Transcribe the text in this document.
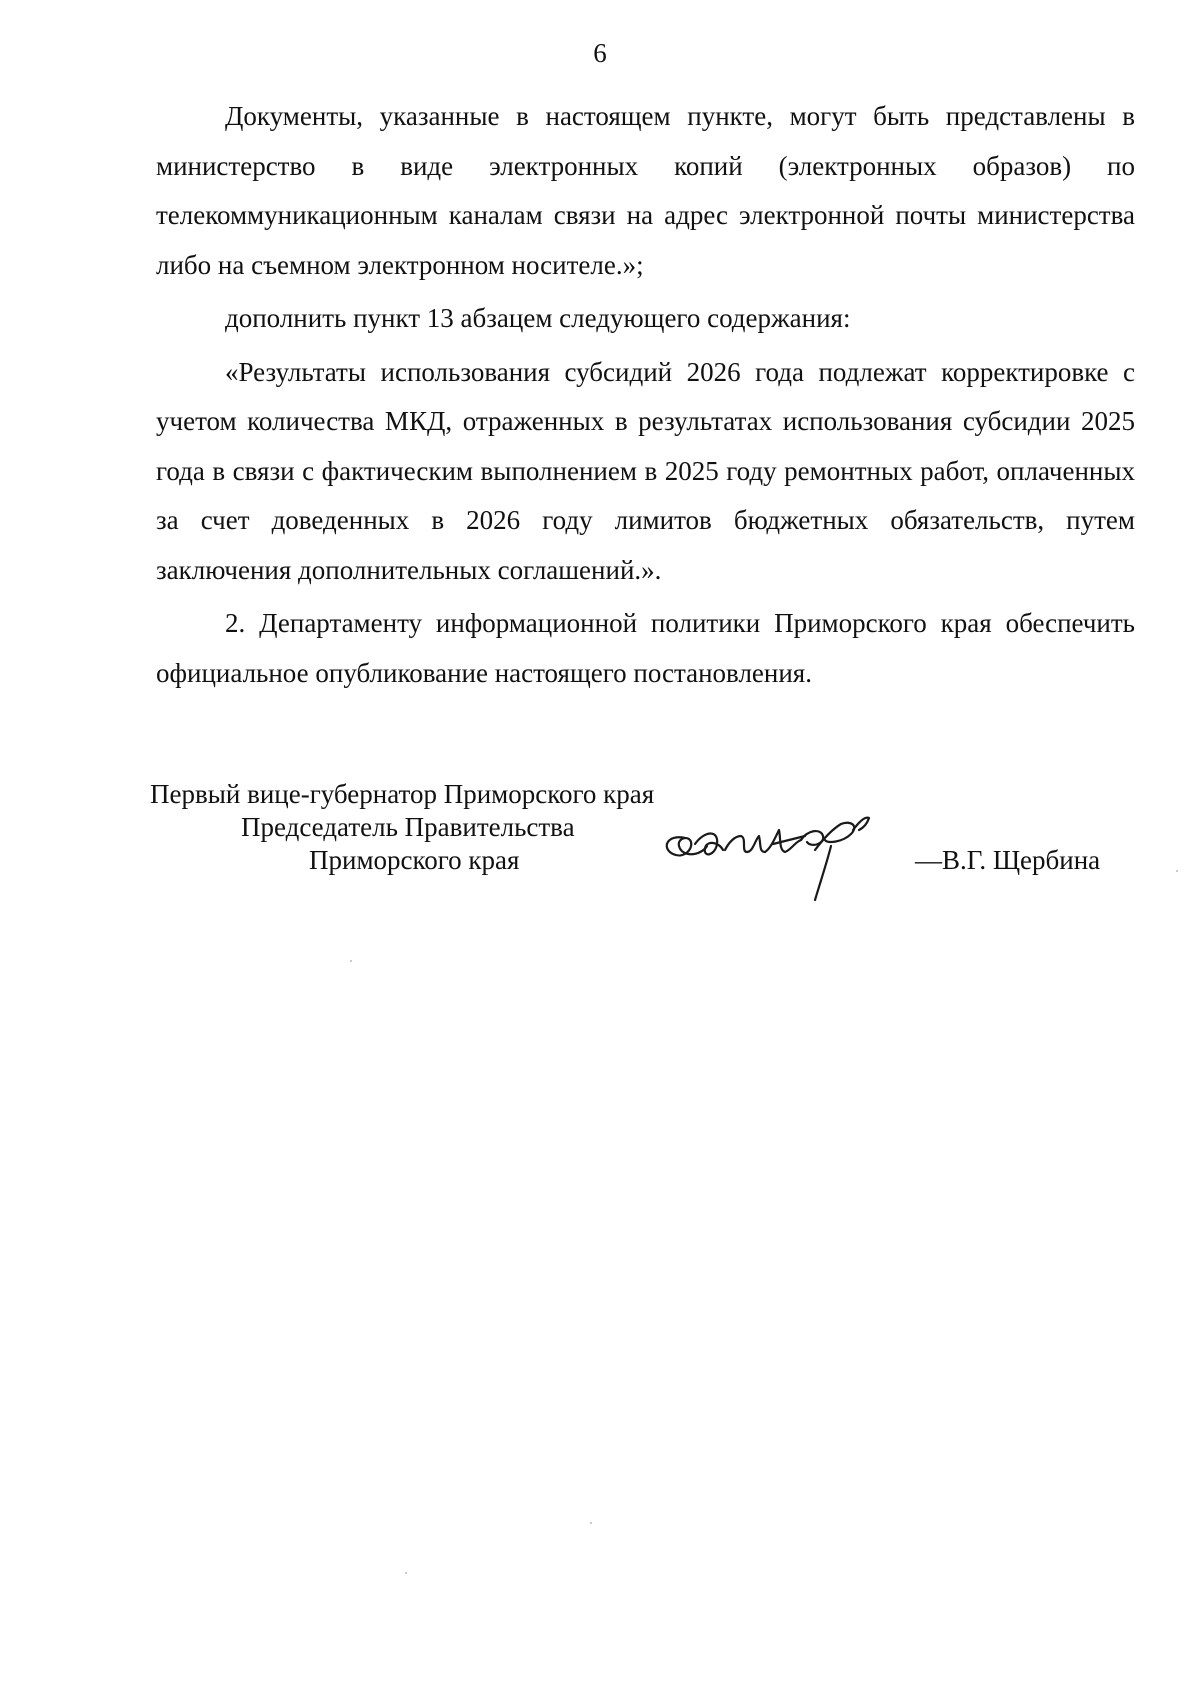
6

Документы, указанные в настоящем пункте, могут быть представлены в министерство в виде электронных копий (электронных образов) по телекоммуникационным каналам связи на адрес электронной почты министерства либо на съемном электронном носителе.»;

дополнить пункт 13 абзацем следующего содержания:

«Результаты использования субсидий 2026 года подлежат корректировке с учетом количества МКД, отраженных в результатах использования субсидии 2025 года в связи с фактическим выполнением в 2025 году ремонтных работ, оплаченных за счет доведенных в 2026 году лимитов бюджетных обязательств, путем заключения дополнительных соглашений.».

2. Департаменту информационной политики Приморского края обеспечить официальное опубликование настоящего постановления.

Первый вице-губернатор Приморского края
Председатель Правительства
Приморского края	—В.Г. Щербина
